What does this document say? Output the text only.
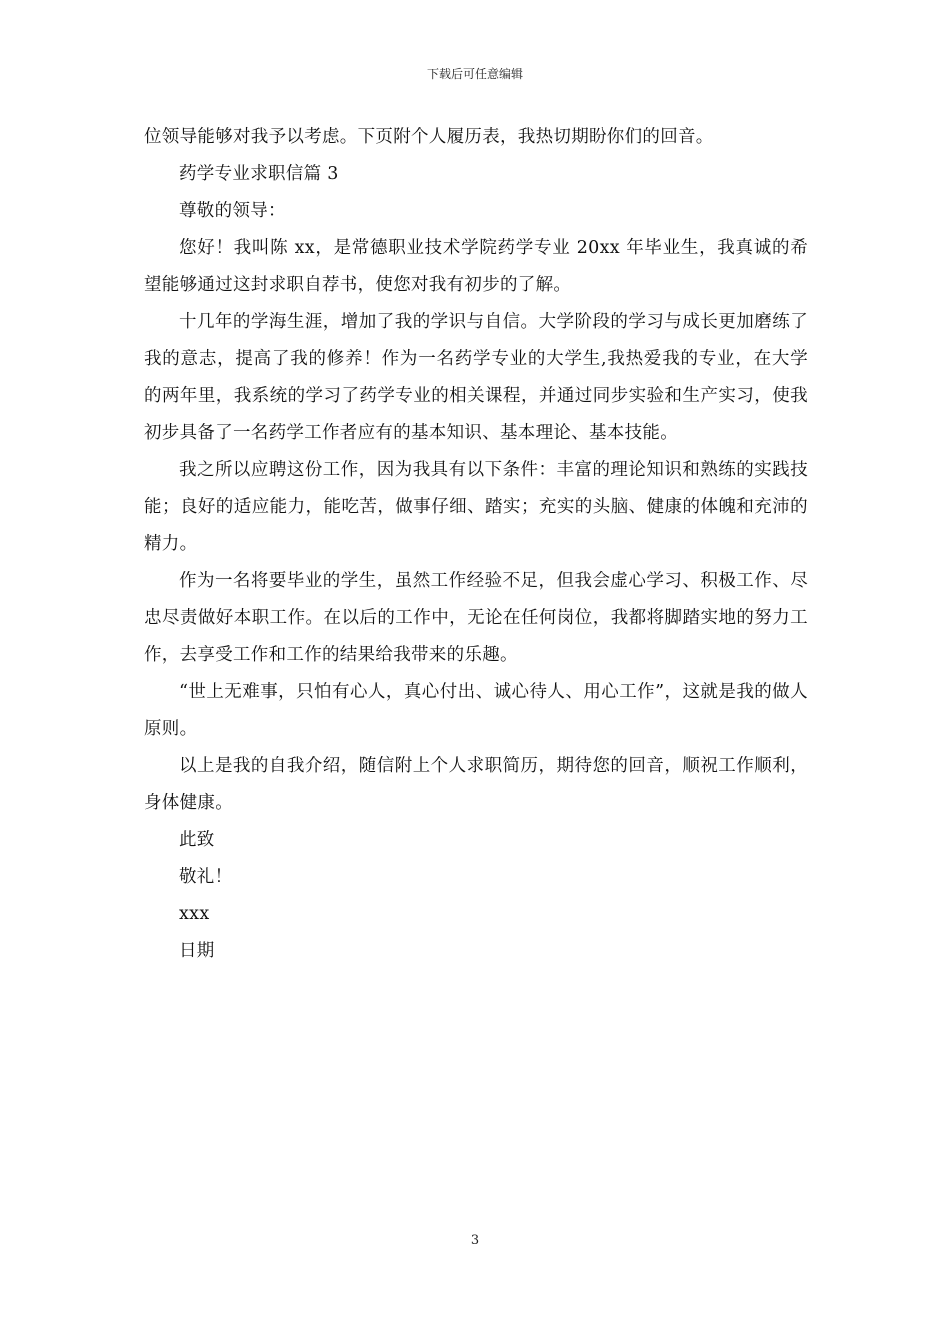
下载后可任意编辑

位领导能够对我予以考虑。下页附个人履历表，我热切期盼你们的回音。

药学专业求职信篇 3

尊敬的领导：

您好！我叫陈 xx，是常德职业技术学院药学专业 20xx 年毕业生，我真诚的希望能够通过这封求职自荐书，使您对我有初步的了解。

十几年的学海生涯，增加了我的学识与自信。大学阶段的学习与成长更加磨练了我的意志，提高了我的修养！作为一名药学专业的大学生,我热爱我的专业，在大学的两年里，我系统的学习了药学专业的相关课程，并通过同步实验和生产实习，使我初步具备了一名药学工作者应有的基本知识、基本理论、基本技能。

我之所以应聘这份工作，因为我具有以下条件：丰富的理论知识和熟练的实践技能；良好的适应能力，能吃苦，做事仔细、踏实；充实的头脑、健康的体魄和充沛的精力。

作为一名将要毕业的学生，虽然工作经验不足，但我会虚心学习、积极工作、尽忠尽责做好本职工作。在以后的工作中，无论在任何岗位，我都将脚踏实地的努力工作，去享受工作和工作的结果给我带来的乐趣。

“世上无难事，只怕有心人，真心付出、诚心待人、用心工作”，这就是我的做人原则。

以上是我的自我介绍，随信附上个人求职简历，期待您的回音，顺祝工作顺利，身体健康。

此致

敬礼！

xxx

日期

3
